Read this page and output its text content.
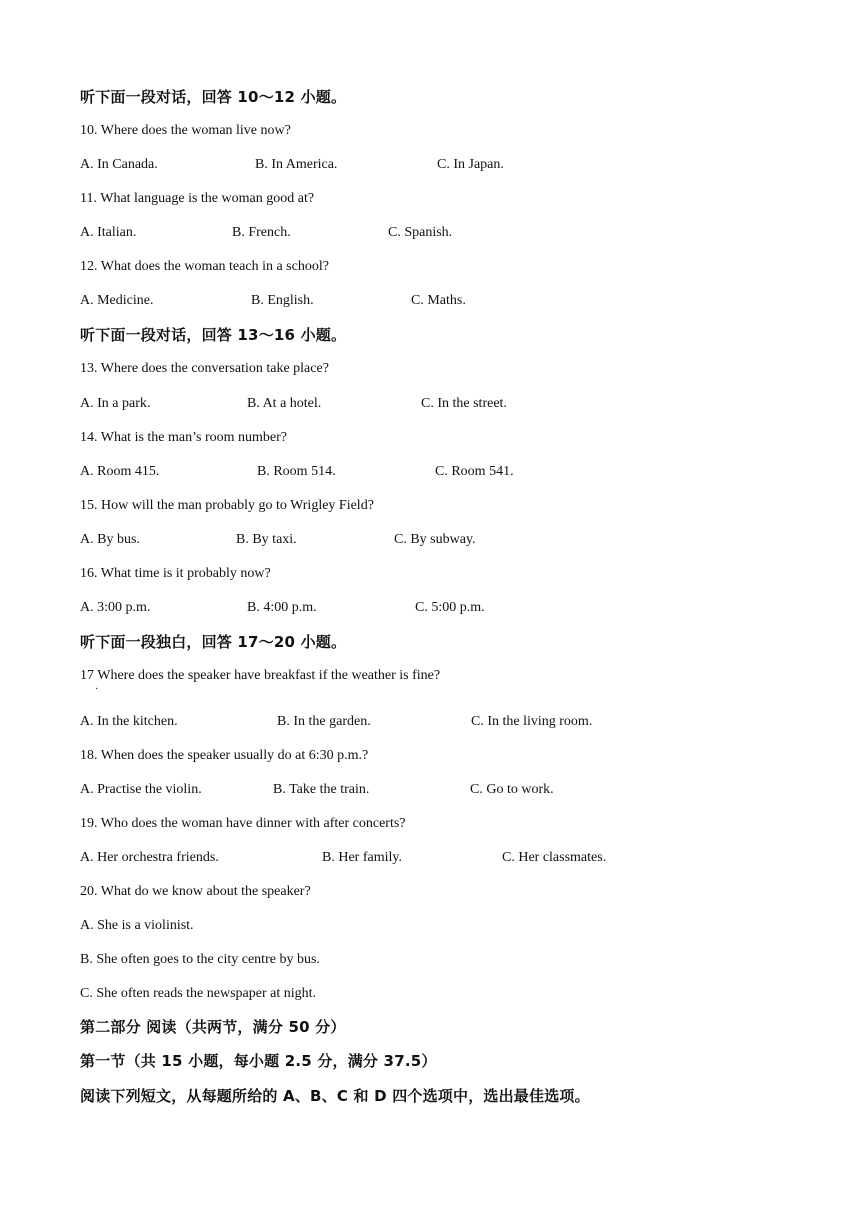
听下面一段对话，回答 10～12 小题。
10. Where does the woman live now?
A. In Canada.	B. In America.	C. In Japan.
11. What language is the woman good at?
A. Italian.	B. French.	C. Spanish.
12. What does the woman teach in a school?
A. Medicine.	B. English.	C. Maths.
听下面一段对话，回答 13～16 小题。
13. Where does the conversation take place?
A. In a park.	B. At a hotel.	C. In the street.
14. What is the man’s room number?
A. Room 415.	B. Room 514.	C. Room 541.
15. How will the man probably go to Wrigley Field?
A. By bus.	B. By taxi.	C. By subway.
16. What time is it probably now?
A. 3:00 p.m.	B. 4:00 p.m.	C. 5:00 p.m.
听下面一段独白，回答 17～20 小题。
17 Where does the speaker have breakfast if the weather is fine?
·
A. In the kitchen.	B. In the garden.	C. In the living room.
18. When does the speaker usually do at 6:30 p.m.?
A. Practise the violin.	B. Take the train.	C. Go to work.
19. Who does the woman have dinner with after concerts?
A. Her orchestra friends.	B. Her family.	C. Her classmates.
20. What do we know about the speaker?
A. She is a violinist.
B. She often goes to the city centre by bus.
C. She often reads the newspaper at night.
第二部分 阅读（共两节，满分 50 分）
第一节（共 15 小题，每小题 2.5 分，满分 37.5）
阅读下列短文，从每题所给的 A、B、C 和 D 四个选项中，选出最佳选项。
